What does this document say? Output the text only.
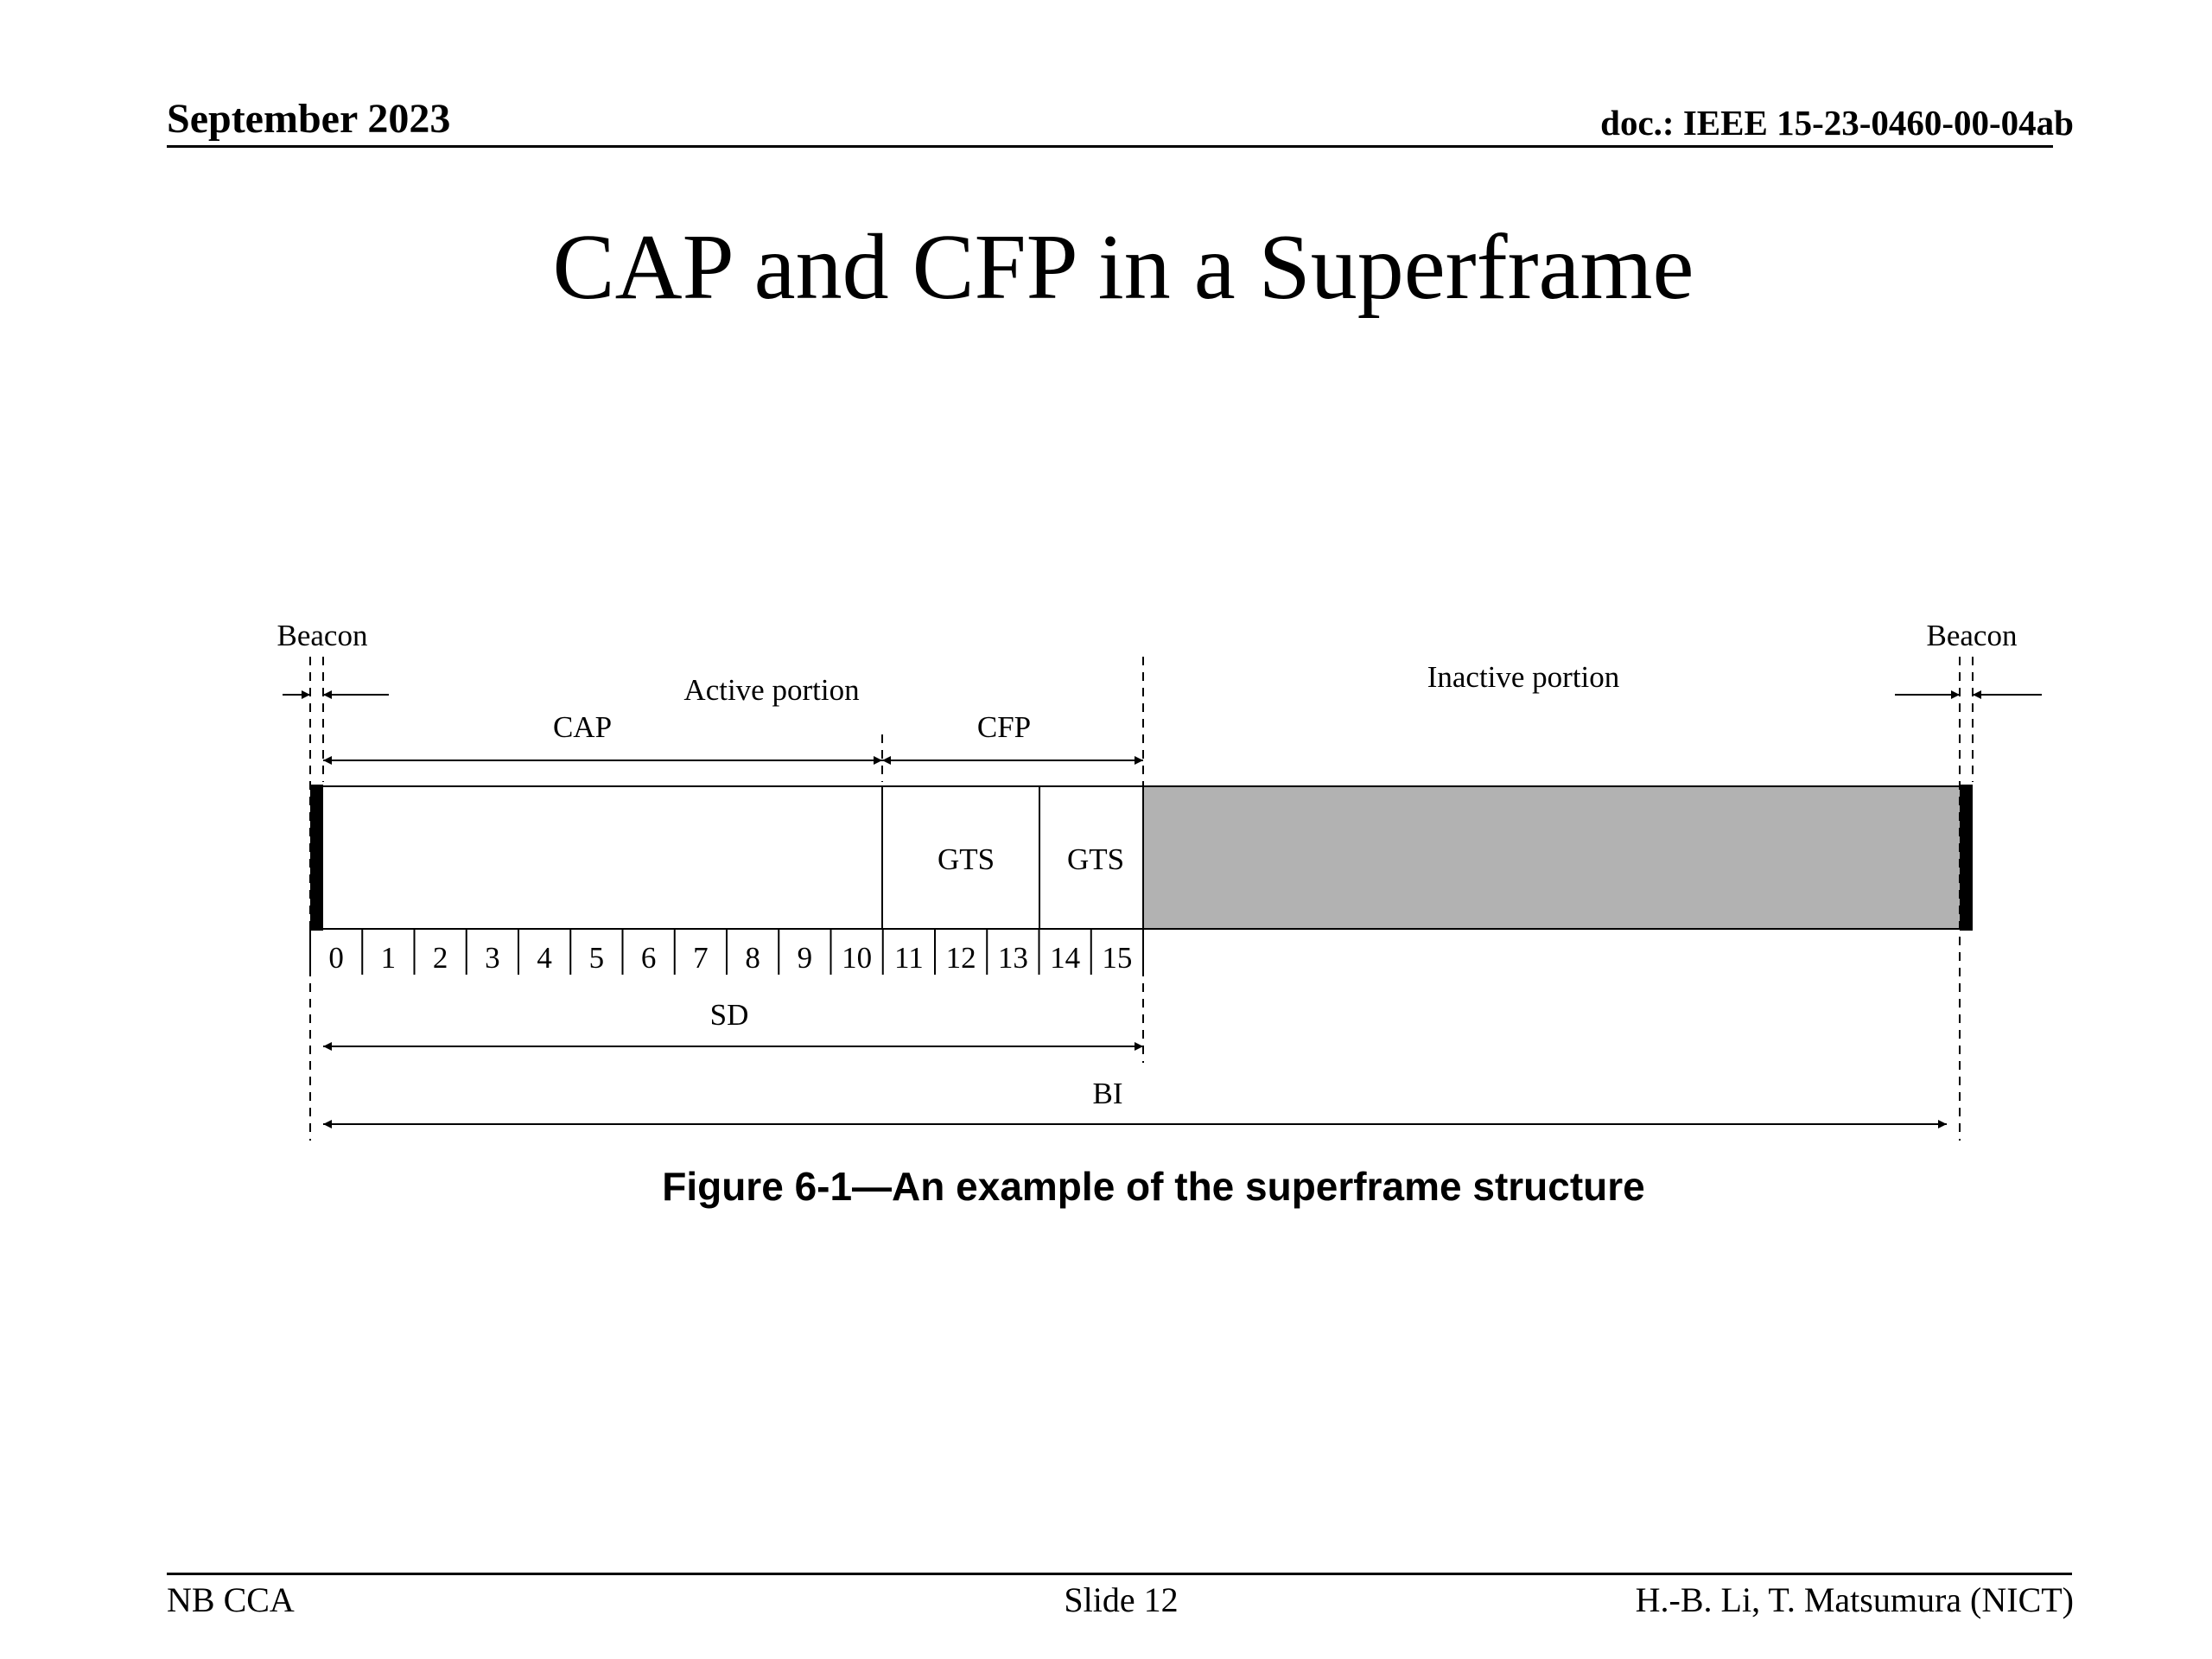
September 2023	doc.: IEEE 15-23-0460-00-04ab
CAP and CFP in a Superframe
Beacon	Beacon
Active portion	Inactive portion
CAP	CFP
GTS GTS
0 1 2 3 4 5 6 7 8 9 10 11 12 13 14 15
SD
BI
Figure 6-1—An example of the superframe structure
NB CCA	Slide 12	H.-B. Li, T. Matsumura (NICT)
